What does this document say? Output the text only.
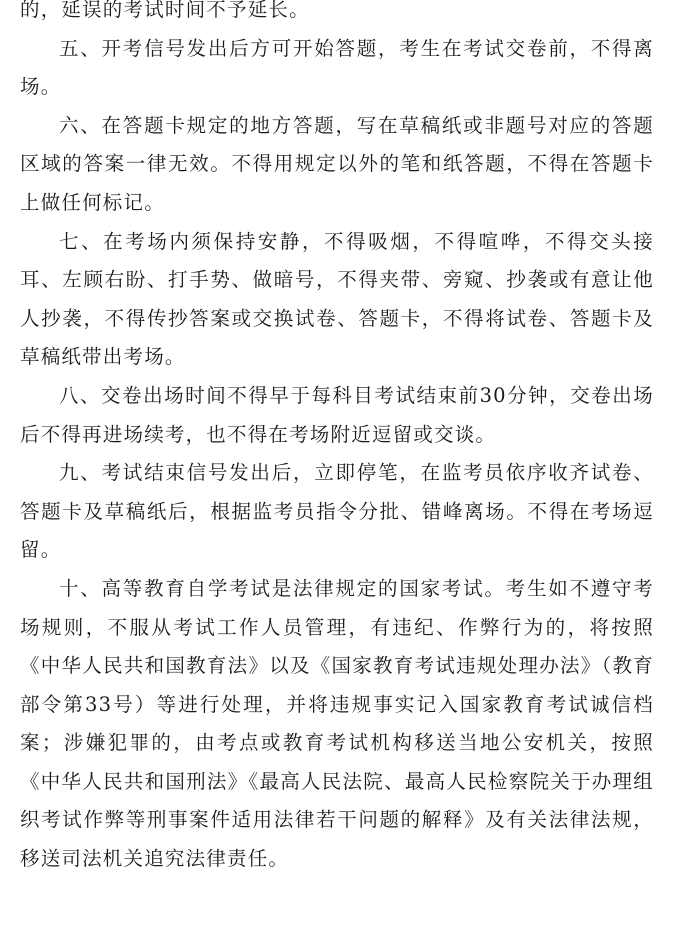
的，延误的考试时间不予延长。

五、开考信号发出后方可开始答题，考生在考试交卷前，不得离场。

六、在答题卡规定的地方答题，写在草稿纸或非题号对应的答题区域的答案一律无效。不得用规定以外的笔和纸答题，不得在答题卡上做任何标记。

七、在考场内须保持安静，不得吸烟，不得喧哗，不得交头接耳、左顾右盼、打手势、做暗号，不得夹带、旁窥、抄袭或有意让他人抄袭，不得传抄答案或交换试卷、答题卡，不得将试卷、答题卡及草稿纸带出考场。

八、交卷出场时间不得早于每科目考试结束前30分钟，交卷出场后不得再进场续考，也不得在考场附近逗留或交谈。

九、考试结束信号发出后，立即停笔，在监考员依序收齐试卷、答题卡及草稿纸后，根据监考员指令分批、错峰离场。不得在考场逗留。

十、高等教育自学考试是法律规定的国家考试。考生如不遵守考场规则，不服从考试工作人员管理，有违纪、作弊行为的，将按照《中华人民共和国教育法》以及《国家教育考试违规处理办法》（教育部令第33号）等进行处理，并将违规事实记入国家教育考试诚信档案；涉嫌犯罪的，由考点或教育考试机构移送当地公安机关，按照《中华人民共和国刑法》《最高人民法院、最高人民检察院关于办理组织考试作弊等刑事案件适用法律若干问题的解释》及有关法律法规，移送司法机关追究法律责任。
